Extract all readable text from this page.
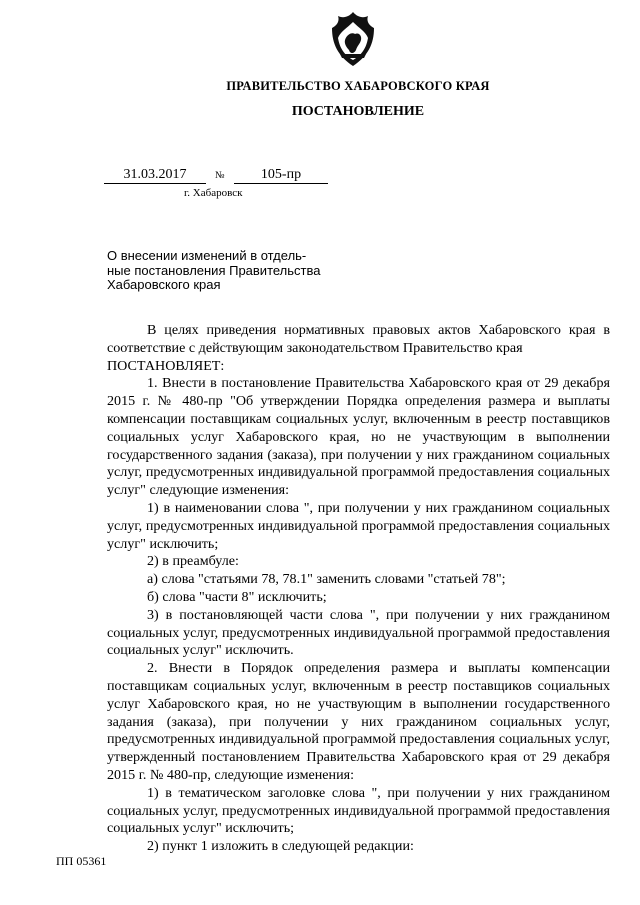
ПРАВИТЕЛЬСТВО ХАБАРОВСКОГО КРАЯ
ПОСТАНОВЛЕНИЕ
31.03.2017	№	105-пр
г. Хабаровск
О внесении изменений в отдель-
ные постановления Правительства
Хабаровского края

В целях приведения нормативных правовых актов Хабаровского края в соответствие с действующим законодательством Правительство края

ПОСТАНОВЛЯЕТ:

1. Внести в постановление Правительства Хабаровского края от 29 декабря 2015 г. № 480-пр "Об утверждении Порядка определения размера и выплаты компенсации поставщикам социальных услуг, включенным в реестр поставщиков социальных услуг Хабаровского края, но не участвующим в выполнении государственного задания (заказа), при получении у них гражданином социальных услуг, предусмотренных индивидуальной программой предоставления социальных услуг" следующие изменения:

1) в наименовании слова ", при получении у них гражданином социальных услуг, предусмотренных индивидуальной программой предоставления социальных услуг" исключить;

2) в преамбуле:

а) слова "статьями 78, 78.1" заменить словами "статьей 78";

б) слова "части 8" исключить;

3) в постановляющей части слова ", при получении у них гражданином социальных услуг, предусмотренных индивидуальной программой предоставления социальных услуг" исключить.

2. Внести в Порядок определения размера и выплаты компенсации поставщикам социальных услуг, включенным в реестр поставщиков социальных услуг Хабаровского края, но не участвующим в выполнении государственного задания (заказа), при получении у них гражданином социальных услуг, предусмотренных индивидуальной программой предоставления социальных услуг, утвержденный постановлением Правительства Хабаровского края от 29 декабря 2015 г. № 480-пр, следующие изменения:

1) в тематическом заголовке слова ", при получении у них гражданином социальных услуг, предусмотренных индивидуальной программой предоставления социальных услуг" исключить;

2) пункт 1 изложить в следующей редакции:

ПП 05361
